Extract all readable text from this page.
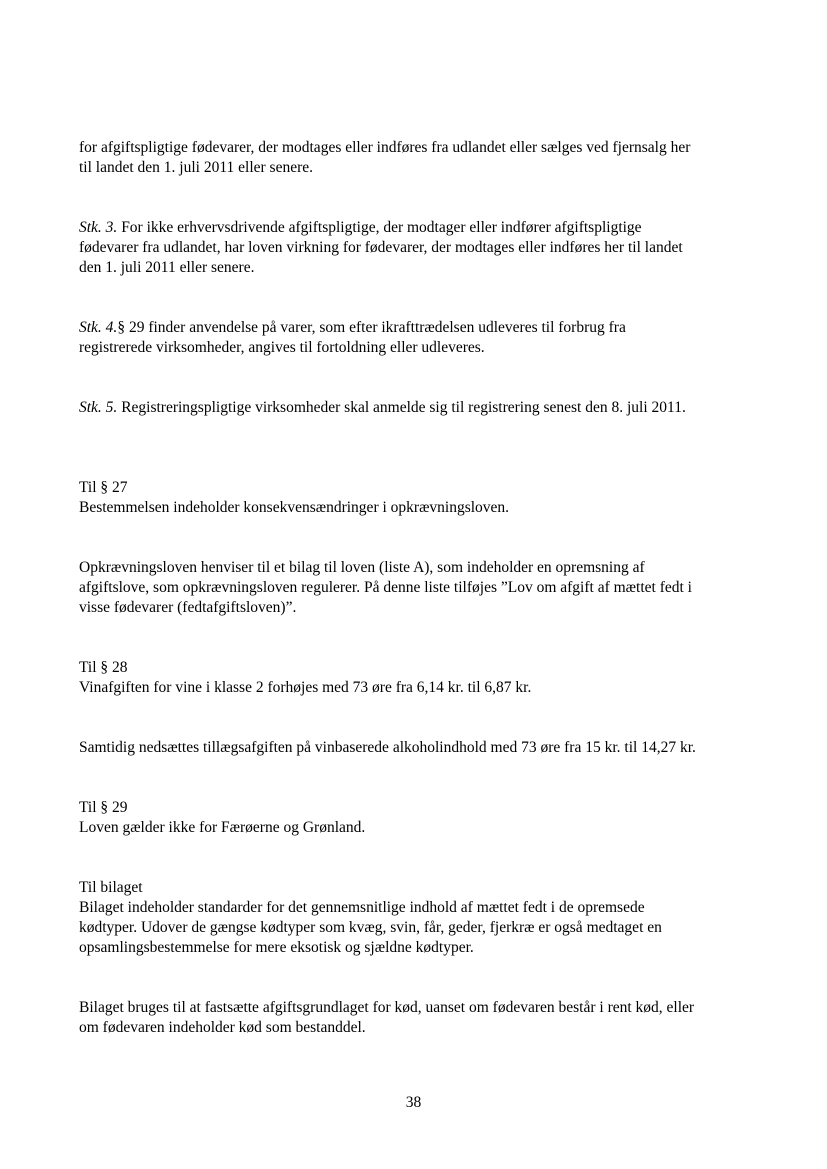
for afgiftspligtige fødevarer, der modtages eller indføres fra udlandet eller sælges ved fjernsalg her
til landet den 1. juli 2011 eller senere.

Stk. 3. For ikke erhvervsdrivende afgiftspligtige, der modtager eller indfører afgiftspligtige
fødevarer fra udlandet, har loven virkning for fødevarer, der modtages eller indføres her til landet
den 1. juli 2011 eller senere.

Stk. 4.§ 29 finder anvendelse på varer, som efter ikrafttrædelsen udleveres til forbrug fra
registrerede virksomheder, angives til fortoldning eller udleveres.

Stk. 5. Registreringspligtige virksomheder skal anmelde sig til registrering senest den 8. juli 2011.

Til § 27
Bestemmelsen indeholder konsekvensændringer i opkrævningsloven.

Opkrævningsloven henviser til et bilag til loven (liste A), som indeholder en opremsning af
afgiftslove, som opkrævningsloven regulerer. På denne liste tilføjes ”Lov om afgift af mættet fedt i
visse fødevarer (fedtafgiftsloven)”.

Til § 28
Vinafgiften for vine i klasse 2 forhøjes med 73 øre fra 6,14 kr. til 6,87 kr.

Samtidig nedsættes tillægsafgiften på vinbaserede alkoholindhold med 73 øre fra 15 kr. til 14,27 kr.

Til § 29
Loven gælder ikke for Færøerne og Grønland.

Til bilaget
Bilaget indeholder standarder for det gennemsnitlige indhold af mættet fedt i de opremsede
kødtyper. Udover de gængse kødtyper som kvæg, svin, får, geder, fjerkræ er også medtaget en
opsamlingsbestemmelse for mere eksotisk og sjældne kødtyper.

Bilaget bruges til at fastsætte afgiftsgrundlaget for kød, uanset om fødevaren består i rent kød, eller
om fødevaren indeholder kød som bestanddel.

38
